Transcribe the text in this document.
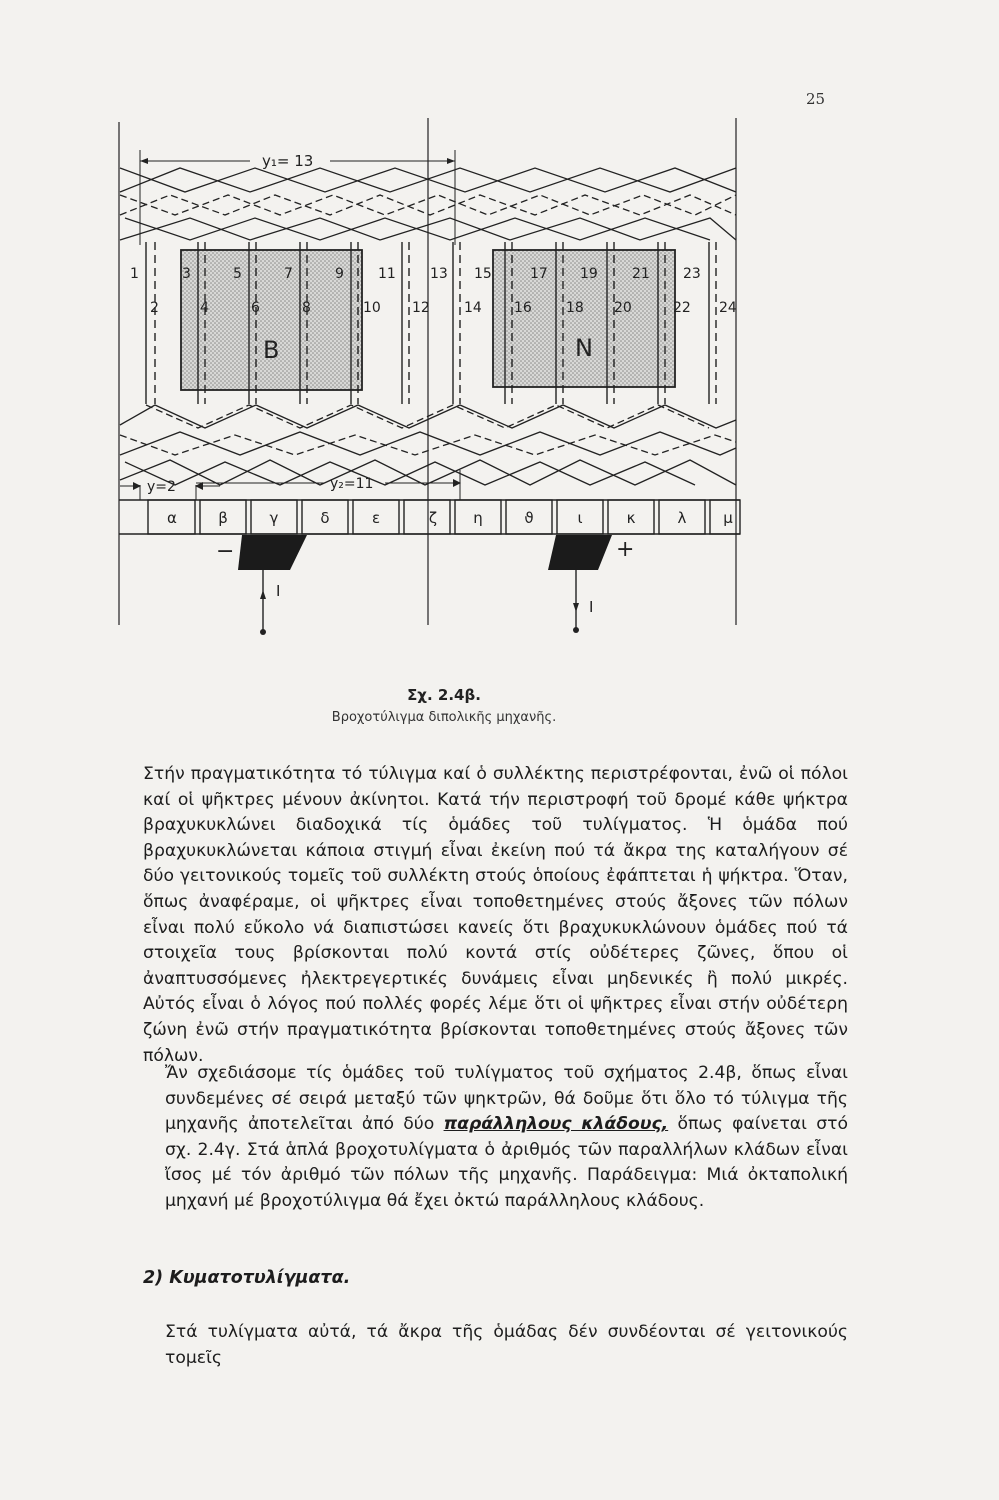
25
y₁= 13
B	N
1	3	5	7	9 11 13 15	17 19 21 23
2	4	6	8	10 12 14 16 18 20	22 24
y=2	y₂=11
α	β	γ	δ	ε	ζ η	ϑ	ι	κ	λ μ
−	+
I
I
Σχ. 2.4β.
Βροχοτύλιγμα διπολικῆς μηχανῆς.

Στήν πραγματικότητα τό τύλιγμα καί ὁ συλλέκτης περιστρέφονται, ἐνῶ οἱ πόλοι καί οἱ ψῆκτρες μένουν ἀκίνητοι. Κατά τήν περιστροφή τοῦ δρομέ κάθε ψήκτρα βραχυκυκλώνει διαδοχικά τίς ὁμάδες τοῦ τυλίγματος. Ἡ ὁμάδα πού βραχυκυκλώνεται κάποια στιγμή εἶναι ἐκείνη πού τά ἄκρα της καταλήγουν σέ δύο γειτονικούς τομεῖς τοῦ συλλέκτη στούς ὁποίους ἐφάπτεται ἡ ψήκτρα. Ὅταν, ὅπως ἀναφέραμε, οἱ ψῆκτρες εἶναι τοποθετημένες στούς ἄξονες τῶν πόλων εἶναι πολύ εὔκολο νά διαπιστώσει κανείς ὅτι βραχυκυκλώνουν ὁμάδες πού τά στοιχεῖα τους βρίσκονται πολύ κοντά στίς οὐδέτερες ζῶνες, ὅπου οἱ ἀναπτυσσόμενες ἠλεκτρεγερτικές δυνάμεις εἶναι μηδενικές ἢ πολύ μικρές. Αὐτός εἶναι ὁ λόγος πού πολλές φορές λέμε ὅτι οἱ ψῆκτρες εἶναι στήν οὐδέτερη ζώνη ἐνῶ στήν πραγματικότητα βρίσκονται τοποθετημένες στούς ἄξονες τῶν πόλων.

Ἄν σχεδιάσομε τίς ὁμάδες τοῦ τυλίγματος τοῦ σχήματος 2.4β, ὅπως εἶναι συνδεμένες σέ σειρά μεταξύ τῶν ψηκτρῶν, θά δοῦμε ὅτι ὅλο τό τύλιγμα τῆς μηχανῆς ἀποτελεῖται ἀπό δύο παράλληλους κλάδους, ὅπως φαίνεται στό σχ. 2.4γ. Στά ἁπλά βροχοτυλίγματα ὁ ἀριθμός τῶν παραλλήλων κλάδων εἶναι ἴσος μέ τόν ἀριθμό τῶν πόλων τῆς μηχανῆς. Παράδειγμα: Μιά ὀκταπολική μηχανή μέ βροχοτύλιγμα θά ἔχει ὀκτώ παράλληλους κλάδους.

2) Κυματοτυλίγματα.

Στά τυλίγματα αὐτά, τά ἄκρα τῆς ὁμάδας δέν συνδέονται σέ γειτονικούς τομεῖς
